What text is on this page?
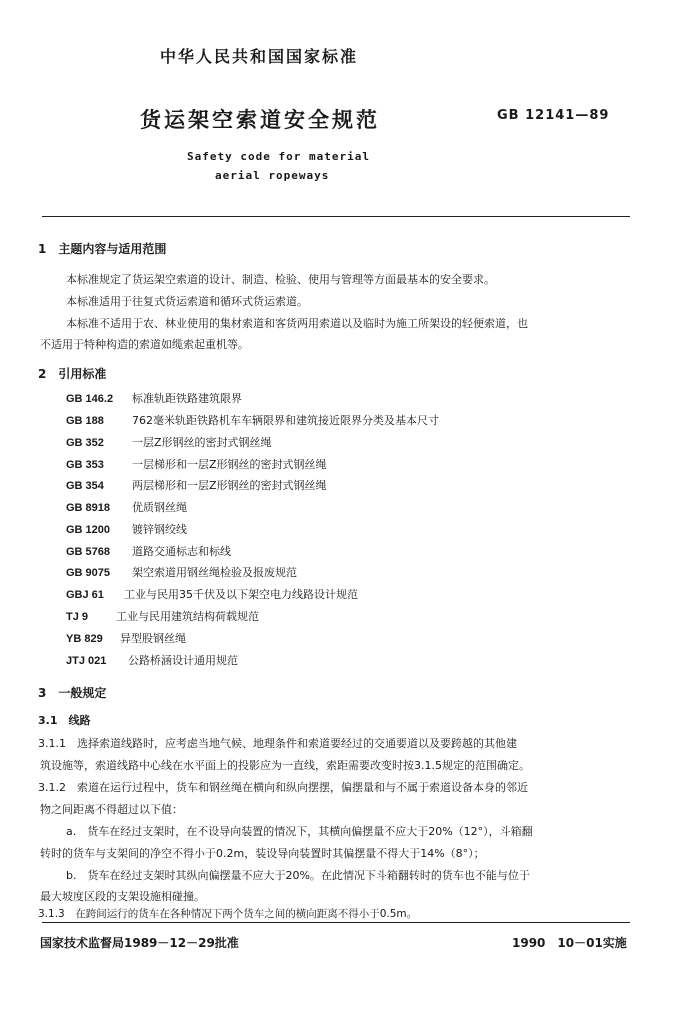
中华人民共和国国家标准
货运架空索道安全规范	GB 12141—89
Safety code for material
aerial ropeways
1　主题内容与适用范围
本标准规定了货运架空索道的设计、制造、检验、使用与管理等方面最基本的安全要求。
本标准适用于往复式货运索道和循环式货运索道。
本标准不适用于农、林业使用的集材索道和客货两用索道以及临时为施工所架设的轻便索道，也
不适用于特种构造的索道如缆索起重机等。
2　引用标准
GB 146.2 标准轨距铁路建筑限界
GB 188	762毫米轨距铁路机车车辆限界和建筑接近限界分类及基本尺寸
GB 352	一层Z形钢丝的密封式钢丝绳
GB 353	一层梯形和一层Z形钢丝的密封式钢丝绳
GB 354	两层梯形和一层Z形钢丝的密封式钢丝绳
GB 8918 优质钢丝绳
GB 1200 镀锌钢绞线
GB 5768 道路交通标志和标线
GB 9075 架空索道用钢丝绳检验及报废规范
GBJ 61 工业与民用35千伏及以下架空电力线路设计规范
TJ 9	工业与民用建筑结构荷载规范
YB 829 异型股钢丝绳
JTJ 021 公路桥涵设计通用规范
3　一般规定
3.1　线路
3.1.1　选择索道线路时，应考虑当地气候、地理条件和索道要经过的交通要道以及要跨越的其他建
筑设施等，索道线路中心线在水平面上的投影应为一直线，索距需要改变时按3.1.5规定的范围确定。
3.1.2　索道在运行过程中，货车和钢丝绳在横向和纵向摆摆，偏摆量和与不属于索道设备本身的邻近
物之间距离不得超过以下值：
a.　货车在经过支架时，在不设导向装置的情况下，其横向偏摆量不应大于20%（12°），斗箱翻
转时的货车与支架间的净空不得小于0.2m，装设导向装置时其偏摆量不得大于14%（8°）；
b.　货车在经过支架时其纵向偏摆量不应大于20%。在此情况下斗箱翻转时的货车也不能与位于
最大坡度区段的支架设施相碰撞。
3.1.3　在跨间运行的货车在各种情况下两个货车之间的横向距离不得小于0.5m。
国家技术监督局1989－12－29批准	1990　10－01实施
